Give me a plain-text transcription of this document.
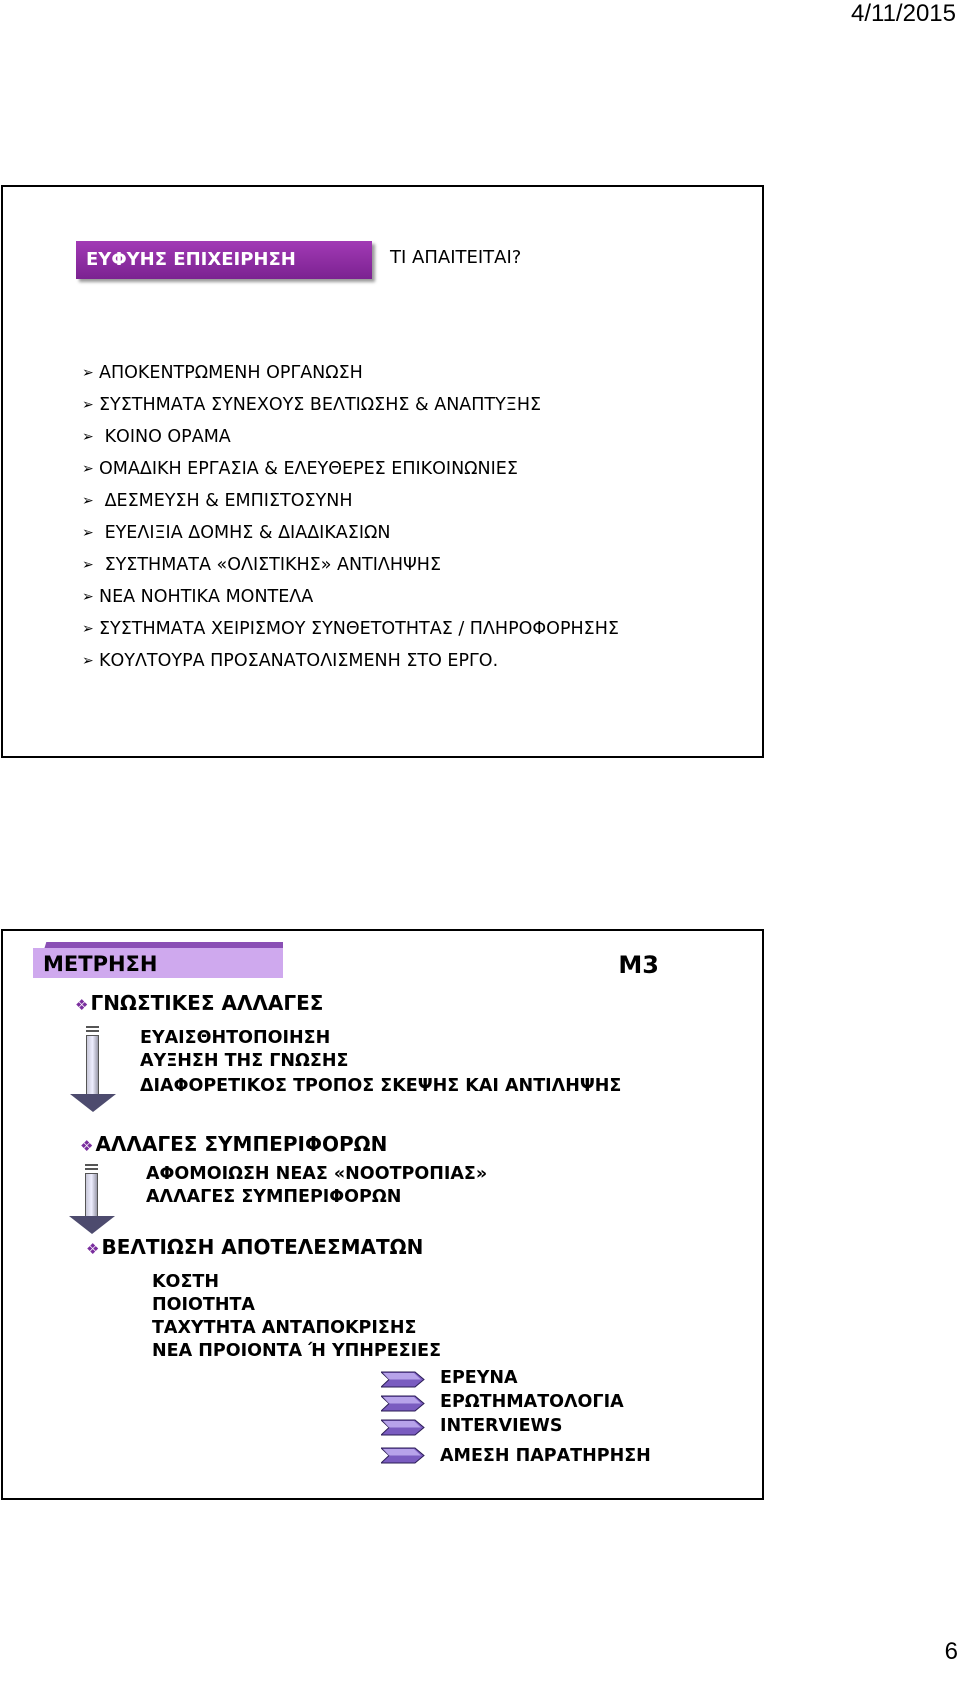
4/11/2015
ΕΥΦΥΗΣ ΕΠΙΧΕΙΡΗΣΗ	ΤΙ ΑΠΑΙΤΕΙΤΑΙ?
➢ ΑΠΟΚΕΝΤΡΩΜΕΝΗ ΟΡΓΑΝΩΣΗ
➢ ΣΥΣΤΗΜΑΤΑ ΣΥΝΕΧΟΥΣ ΒΕΛΤΙΩΣΗΣ & ΑΝΑΠΤΥΞΗΣ
➢ ΚΟΙΝΟ ΟΡΑΜΑ
➢ ΟΜΑΔΙΚΗ ΕΡΓΑΣΙΑ & ΕΛΕΥΘΕΡΕΣ ΕΠΙΚΟΙΝΩΝΙΕΣ
➢ ΔΕΣΜΕΥΣΗ & ΕΜΠΙΣΤΟΣΥΝΗ
➢ ΕΥΕΛΙΞΙΑ ΔΟΜΗΣ & ΔΙΑΔΙΚΑΣΙΩΝ
➢ ΣΥΣΤΗΜΑΤΑ «ΟΛΙΣΤΙΚΗΣ» ΑΝΤΙΛΗΨΗΣ
➢ ΝΕΑ ΝΟΗΤΙΚΑ ΜΟΝΤΕΛΑ
➢ ΣΥΣΤΗΜΑΤΑ ΧΕΙΡΙΣΜΟΥ ΣΥΝΘΕΤΟΤΗΤΑΣ / ΠΛΗΡΟΦΟΡΗΣΗΣ
➢ ΚΟΥΛΤΟΥΡΑ ΠΡΟΣΑΝΑΤΟΛΙΣΜΕΝΗ ΣΤΟ ΕΡΓΟ.
ΜΕΤΡΗΣΗ	Μ3
❖ ΓΝΩΣΤΙΚΕΣ ΑΛΛΑΓΕΣ
ΕΥΑΙΣΘΗΤΟΠΟΙΗΣΗ
ΑΥΞΗΣΗ ΤΗΣ ΓΝΩΣΗΣ
ΔΙΑΦΟΡΕΤΙΚΟΣ ΤΡΟΠΟΣ ΣΚΕΨΗΣ ΚΑΙ ΑΝΤΙΛΗΨΗΣ
❖ ΑΛΛΑΓΕΣ ΣΥΜΠΕΡΙΦΟΡΩΝ
ΑΦΟΜΟΙΩΣΗ ΝΕΑΣ «ΝΟΟΤΡΟΠΙΑΣ»
ΑΛΛΑΓΕΣ ΣΥΜΠΕΡΙΦΟΡΩΝ
❖ ΒΕΛΤΙΩΣΗ ΑΠΟΤΕΛΕΣΜΑΤΩΝ
ΚΟΣΤΗ
ΠΟΙΟΤΗΤΑ
ΤΑΧΥΤΗΤΑ ΑΝΤΑΠΟΚΡΙΣΗΣ
ΝΕΑ ΠΡΟΙΟΝΤΑ Ή ΥΠΗΡΕΣΙΕΣ
ΕΡΕΥΝΑ
ΕΡΩΤΗΜΑΤΟΛΟΓΙΑ
INTERVIEWS
ΑΜΕΣΗ ΠΑΡΑΤΗΡΗΣΗ
6
